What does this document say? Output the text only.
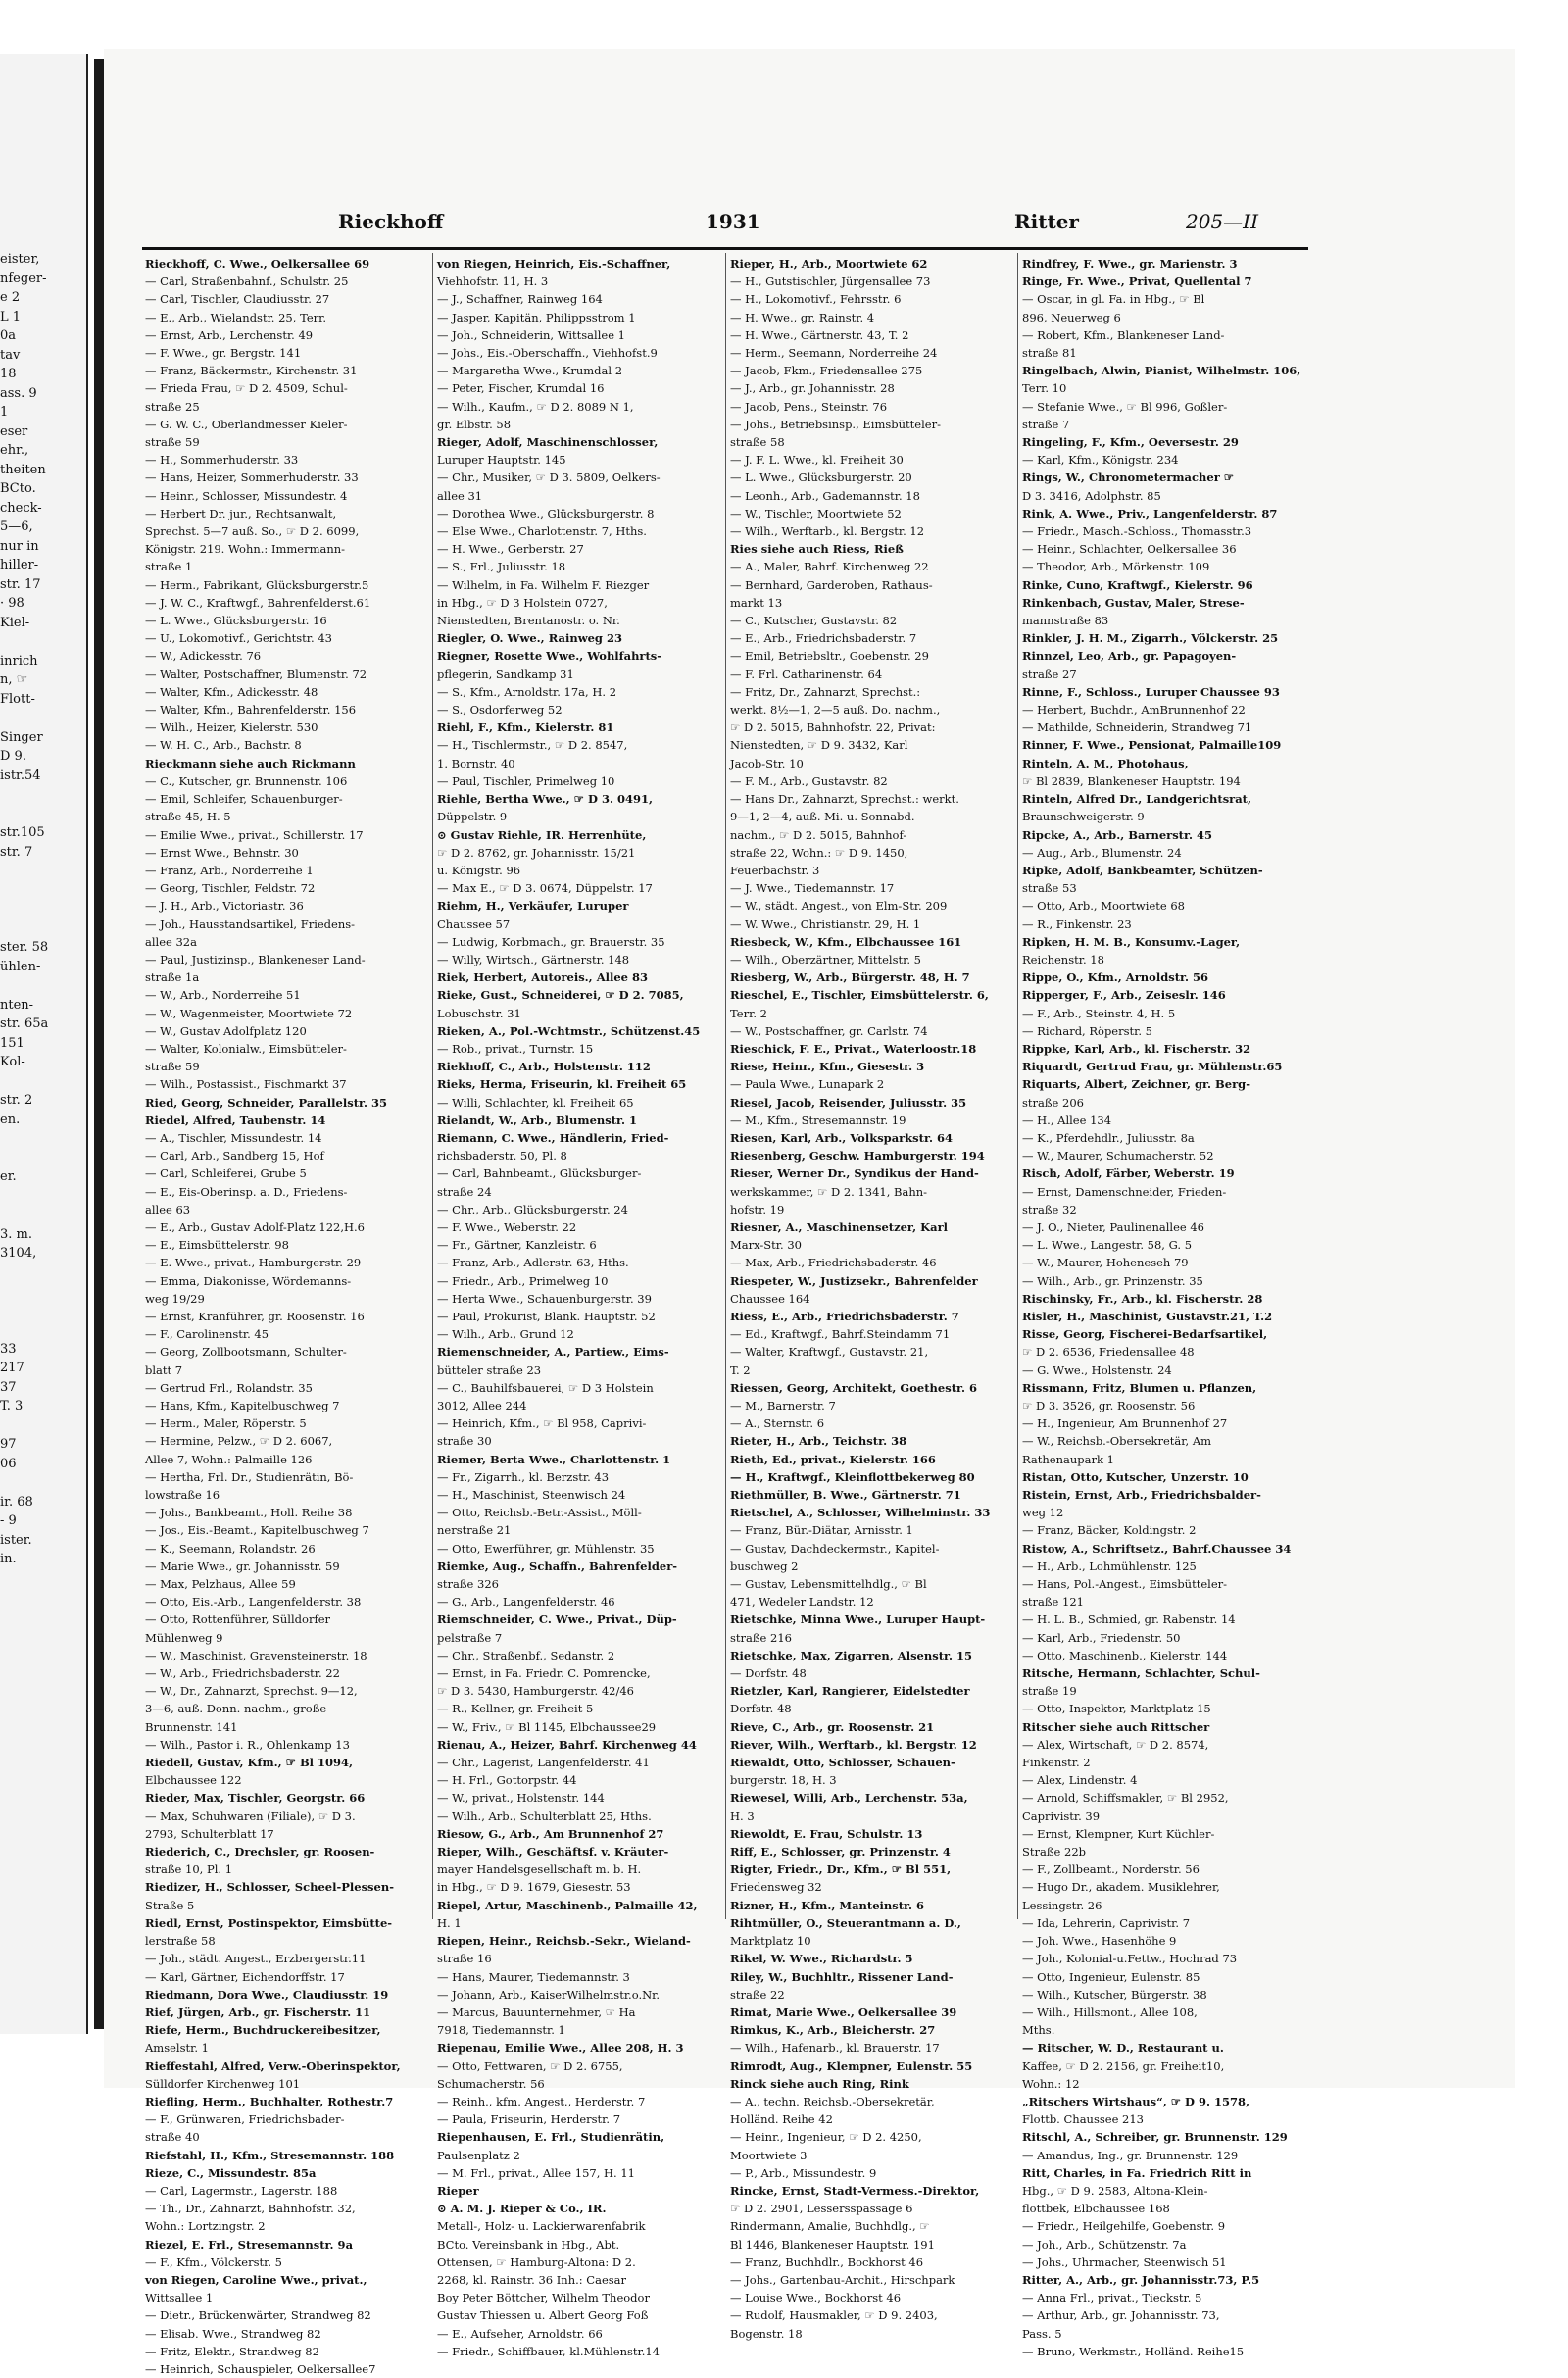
eister,
nfeger-
e 2
L 1
0a
tav
18
ass. 9
1
eser
ehr.,
theiten
BCto.
check-
5—6,
nur in
hiller-
str. 17
· 98
Kiel-
inrich
n, ☞
Flott-
Singer
D 9.
istr.54
str.105
str. 7
ster. 58
ühlen-
nten-
str. 65a
151
Kol-
str. 2
en.
er.
3. m.
3104,
33
217
37
T. 3
97
06
ir. 68
- 9
ister.
in.
Rieckhoff	1931	Ritter	205—II
Rieckhoff, C. Wwe., Oelkersallee 69
— Carl, Straßenbahnf., Schulstr. 25
— Carl, Tischler, Claudiusstr. 27
— E., Arb., Wielandstr. 25, Terr.
— Ernst, Arb., Lerchenstr. 49
— F. Wwe., gr. Bergstr. 141
— Franz, Bäckermstr., Kirchenstr. 31
— Frieda Frau, ☞ D 2. 4509, Schul-
straße 25
— G. W. C., Oberlandmesser Kieler-
straße 59
— H., Sommerhuderstr. 33
— Hans, Heizer, Sommerhuderstr. 33
— Heinr., Schlosser, Missundestr. 4
— Herbert Dr. jur., Rechtsanwalt,
Sprechst. 5—7 auß. So., ☞ D 2. 6099,
Königstr. 219. Wohn.: Immermann-
straße 1
— Herm., Fabrikant, Glücksburgerstr.5
— J. W. C., Kraftwgf., Bahrenfelderst.61
— L. Wwe., Glücksburgerstr. 16
— U., Lokomotivf., Gerichtstr. 43
— W., Adickesstr. 76
— Walter, Postschaffner, Blumenstr. 72
— Walter, Kfm., Adickesstr. 48
— Walter, Kfm., Bahrenfelderstr. 156
— Wilh., Heizer, Kielerstr. 530
— W. H. C., Arb., Bachstr. 8
Rieckmann siehe auch Rickmann
— C., Kutscher, gr. Brunnenstr. 106
— Emil, Schleifer, Schauenburger-
straße 45, H. 5
— Emilie Wwe., privat., Schillerstr. 17
— Ernst Wwe., Behnstr. 30
— Franz, Arb., Norderreihe 1
— Georg, Tischler, Feldstr. 72
— J. H., Arb., Victoriastr. 36
— Joh., Hausstandsartikel, Friedens-
allee 32a
— Paul, Justizinsp., Blankeneser Land-
straße 1a
— W., Arb., Norderreihe 51
— W., Wagenmeister, Moortwiete 72
— W., Gustav Adolfplatz 120
— Walter, Kolonialw., Eimsbütteler-
straße 59
— Wilh., Postassist., Fischmarkt 37
Ried, Georg, Schneider, Parallelstr. 35
Riedel, Alfred, Taubenstr. 14
— A., Tischler, Missundestr. 14
— Carl, Arb., Sandberg 15, Hof
— Carl, Schleiferei, Grube 5
— E., Eis-Oberinsp. a. D., Friedens-
allee 63
— E., Arb., Gustav Adolf-Platz 122,H.6
— E., Eimsbüttelerstr. 98
— E. Wwe., privat., Hamburgerstr. 29
— Emma, Diakonisse, Wördemanns-
weg 19/29
— Ernst, Kranführer, gr. Roosenstr. 16
— F., Carolinenstr. 45
— Georg, Zollbootsmann, Schulter-
blatt 7
— Gertrud Frl., Rolandstr. 35
— Hans, Kfm., Kapitelbuschweg 7
— Herm., Maler, Röperstr. 5
— Hermine, Pelzw., ☞ D 2. 6067,
Allee 7, Wohn.: Palmaille 126
— Hertha, Frl. Dr., Studienrätin, Bö-
lowstraße 16
— Johs., Bankbeamt., Holl. Reihe 38
— Jos., Eis.-Beamt., Kapitelbuschweg 7
— K., Seemann, Rolandstr. 26
— Marie Wwe., gr. Johannisstr. 59
— Max, Pelzhaus, Allee 59
— Otto, Eis.-Arb., Langenfelderstr. 38
— Otto, Rottenführer, Sülldorfer
Mühlenweg 9
— W., Maschinist, Gravensteinerstr. 18
— W., Arb., Friedrichsbaderstr. 22
— W., Dr., Zahnarzt, Sprechst. 9—12,
3—6, auß. Donn. nachm., große
Brunnenstr. 141
— Wilh., Pastor i. R., Ohlenkamp 13
Riedell, Gustav, Kfm., ☞ Bl 1094,
Elbchaussee 122
Rieder, Max, Tischler, Georgstr. 66
— Max, Schuhwaren (Filiale), ☞ D 3.
2793, Schulterblatt 17
Riederich, C., Drechsler, gr. Roosen-
straße 10, Pl. 1
Riedizer, H., Schlosser, Scheel-Plessen-
Straße 5
Riedl, Ernst, Postinspektor, Eimsbütte-
lerstraße 58
— Joh., städt. Angest., Erzbergerstr.11
— Karl, Gärtner, Eichendorffstr. 17
Riedmann, Dora Wwe., Claudiusstr. 19
Rief, Jürgen, Arb., gr. Fischerstr. 11
Riefe, Herm., Buchdruckereibesitzer,
Amselstr. 1
Rieffestahl, Alfred, Verw.-Oberinspektor,
Sülldorfer Kirchenweg 101
Riefling, Herm., Buchhalter, Rothestr.7
— F., Grünwaren, Friedrichsbader-
straße 40
Riefstahl, H., Kfm., Stresemannstr. 188
Rieze, C., Missundestr. 85a
— Carl, Lagermstr., Lagerstr. 188
— Th., Dr., Zahnarzt, Bahnhofstr. 32,
Wohn.: Lortzingstr. 2
Riezel, E. Frl., Stresemannstr. 9a
— F., Kfm., Völckerstr. 5
von Riegen, Caroline Wwe., privat.,
Wittsallee 1
— Dietr., Brückenwärter, Strandweg 82
— Elisab. Wwe., Strandweg 82
— Fritz, Elektr., Strandweg 82
— Heinrich, Schauspieler, Oelkersallee7
von Riegen, Heinrich, Eis.-Schaffner,
Viehhofstr. 11, H. 3
— J., Schaffner, Rainweg 164
— Jasper, Kapitän, Philippsstrom 1
— Joh., Schneiderin, Wittsallee 1
— Johs., Eis.-Oberschaffn., Viehhofst.9
— Margaretha Wwe., Krumdal 2
— Peter, Fischer, Krumdal 16
— Wilh., Kaufm., ☞ D 2. 8089 N 1,
gr. Elbstr. 58
Rieger, Adolf, Maschinenschlosser,
Luruper Hauptstr. 145
— Chr., Musiker, ☞ D 3. 5809, Oelkers-
allee 31
— Dorothea Wwe., Glücksburgerstr. 8
— Else Wwe., Charlottenstr. 7, Hths.
— H. Wwe., Gerberstr. 27
— S., Frl., Juliusstr. 18
— Wilhelm, in Fa. Wilhelm F. Riezger
in Hbg., ☞ D 3 Holstein 0727,
Nienstedten, Brentanostr. o. Nr.
Riegler, O. Wwe., Rainweg 23
Riegner, Rosette Wwe., Wohlfahrts-
pflegerin, Sandkamp 31
— S., Kfm., Arnoldstr. 17a, H. 2
— S., Osdorferweg 52
Riehl, F., Kfm., Kielerstr. 81
— H., Tischlermstr., ☞ D 2. 8547,
1. Bornstr. 40
— Paul, Tischler, Primelweg 10
Riehle, Bertha Wwe., ☞ D 3. 0491,
Düppelstr. 9
⊙ Gustav Riehle, IR. Herrenhüte,
☞ D 2. 8762, gr. Johannisstr. 15/21
u. Königstr. 96
— Max E., ☞ D 3. 0674, Düppelstr. 17
Riehm, H., Verkäufer, Luruper
Chaussee 57
— Ludwig, Korbmach., gr. Brauerstr. 35
— Willy, Wirtsch., Gärtnerstr. 148
Riek, Herbert, Autoreis., Allee 83
Rieke, Gust., Schneiderei, ☞ D 2. 7085,
Lobuschstr. 31
Rieken, A., Pol.-Wchtmstr., Schützenst.45
— Rob., privat., Turnstr. 15
Riekhoff, C., Arb., Holstenstr. 112
Rieks, Herma, Friseurin, kl. Freiheit 65
— Willi, Schlachter, kl. Freiheit 65
Rielandt, W., Arb., Blumenstr. 1
Riemann, C. Wwe., Händlerin, Fried-
richsbaderstr. 50, Pl. 8
— Carl, Bahnbeamt., Glücksburger-
straße 24
— Chr., Arb., Glücksburgerstr. 24
— F. Wwe., Weberstr. 22
— Fr., Gärtner, Kanzleistr. 6
— Franz, Arb., Adlerstr. 63, Hths.
— Friedr., Arb., Primelweg 10
— Herta Wwe., Schauenburgerstr. 39
— Paul, Prokurist, Blank. Hauptstr. 52
— Wilh., Arb., Grund 12
Riemenschneider, A., Partiew., Eims-
bütteler straße 23
— C., Bauhilfsbauerei, ☞ D 3 Holstein
3012, Allee 244
— Heinrich, Kfm., ☞ Bl 958, Caprivi-
straße 30
Riemer, Berta Wwe., Charlottenstr. 1
— Fr., Zigarrh., kl. Berzstr. 43
— H., Maschinist, Steenwisch 24
— Otto, Reichsb.-Betr.-Assist., Möll-
nerstraße 21
— Otto, Ewerführer, gr. Mühlenstr. 35
Riemke, Aug., Schaffn., Bahrenfelder-
straße 326
— G., Arb., Langenfelderstr. 46
Riemschneider, C. Wwe., Privat., Düp-
pelstraße 7
— Chr., Straßenbf., Sedanstr. 2
— Ernst, in Fa. Friedr. C. Pomrencke,
☞ D 3. 5430, Hamburgerstr. 42/46
— R., Kellner, gr. Freiheit 5
— W., Friv., ☞ Bl 1145, Elbchaussee29
Rienau, A., Heizer, Bahrf. Kirchenweg 44
— Chr., Lagerist, Langenfelderstr. 41
— H. Frl., Gottorpstr. 44
— W., privat., Holstenstr. 144
— Wilh., Arb., Schulterblatt 25, Hths.
Riesow, G., Arb., Am Brunnenhof 27
Rieper, Wilh., Geschäftsf. v. Kräuter-
mayer Handelsgesellschaft m. b. H.
in Hbg., ☞ D 9. 1679, Giesestr. 53
Riepel, Artur, Maschinenb., Palmaille 42,
H. 1
Riepen, Heinr., Reichsb.-Sekr., Wieland-
straße 16
— Hans, Maurer, Tiedemannstr. 3
— Johann, Arb., KaiserWilhelmstr.o.Nr.
— Marcus, Bauunternehmer, ☞ Ha
7918, Tiedemannstr. 1
Riepenau, Emilie Wwe., Allee 208, H. 3
— Otto, Fettwaren, ☞ D 2. 6755,
Schumacherstr. 56
— Reinh., kfm. Angest., Herderstr. 7
— Paula, Friseurin, Herderstr. 7
Riepenhausen, E. Frl., Studienrätin,
Paulsenplatz 2
— M. Frl., privat., Allee 157, H. 11
Rieper
⊙ A. M. J. Rieper & Co., IR.
Metall-, Holz- u. Lackierwarenfabrik
BCto. Vereinsbank in Hbg., Abt.
Ottensen, ☞ Hamburg-Altona: D 2.
2268, kl. Rainstr. 36 Inh.: Caesar
Boy Peter Böttcher, Wilhelm Theodor
Gustav Thiessen u. Albert Georg Foß
— E., Aufseher, Arnoldstr. 66
— Friedr., Schiffbauer, kl.Mühlenstr.14
Rieper, H., Arb., Moortwiete 62
— H., Gutstischler, Jürgensallee 73
— H., Lokomotivf., Fehrsstr. 6
— H. Wwe., gr. Rainstr. 4
— H. Wwe., Gärtnerstr. 43, T. 2
— Herm., Seemann, Norderreihe 24
— Jacob, Fkm., Friedensallee 275
— J., Arb., gr. Johannisstr. 28
— Jacob, Pens., Steinstr. 76
— Johs., Betriebsinsp., Eimsbütteler-
straße 58
— J. F. L. Wwe., kl. Freiheit 30
— L. Wwe., Glücksburgerstr. 20
— Leonh., Arb., Gademannstr. 18
— W., Tischler, Moortwiete 52
— Wilh., Werftarb., kl. Bergstr. 12
Ries siehe auch Riess, Rieß
— A., Maler, Bahrf. Kirchenweg 22
— Bernhard, Garderoben, Rathaus-
markt 13
— C., Kutscher, Gustavstr. 82
— E., Arb., Friedrichsbaderstr. 7
— Emil, Betriebsltr., Goebenstr. 29
— F. Frl. Catharinenstr. 64
— Fritz, Dr., Zahnarzt, Sprechst.:
werkt. 8½—1, 2—5 auß. Do. nachm.,
☞ D 2. 5015, Bahnhofstr. 22, Privat:
Nienstedten, ☞ D 9. 3432, Karl
Jacob-Str. 10
— F. M., Arb., Gustavstr. 82
— Hans Dr., Zahnarzt, Sprechst.: werkt.
9—1, 2—4, auß. Mi. u. Sonnabd.
nachm., ☞ D 2. 5015, Bahnhof-
straße 22, Wohn.: ☞ D 9. 1450,
Feuerbachstr. 3
— J. Wwe., Tiedemannstr. 17
— W., städt. Angest., von Elm-Str. 209
— W. Wwe., Christianstr. 29, H. 1
Riesbeck, W., Kfm., Elbchaussee 161
— Wilh., Oberzärtner, Mittelstr. 5
Riesberg, W., Arb., Bürgerstr. 48, H. 7
Rieschel, E., Tischler, Eimsbüttelerstr. 6,
Terr. 2
— W., Postschaffner, gr. Carlstr. 74
Rieschick, F. E., Privat., Waterloostr.18
Riese, Heinr., Kfm., Giesestr. 3
— Paula Wwe., Lunapark 2
Riesel, Jacob, Reisender, Juliusstr. 35
— M., Kfm., Stresemannstr. 19
Riesen, Karl, Arb., Volksparkstr. 64
Riesenberg, Geschw. Hamburgerstr. 194
Rieser, Werner Dr., Syndikus der Hand-
werkskammer, ☞ D 2. 1341, Bahn-
hofstr. 19
Riesner, A., Maschinensetzer, Karl
Marx-Str. 30
— Max, Arb., Friedrichsbaderstr. 46
Riespeter, W., Justizsekr., Bahrenfelder
Chaussee 164
Riess, E., Arb., Friedrichsbaderstr. 7
— Ed., Kraftwgf., Bahrf.Steindamm 71
— Walter, Kraftwgf., Gustavstr. 21,
T. 2
Riessen, Georg, Architekt, Goethestr. 6
— M., Barnerstr. 7
— A., Sternstr. 6
Rieter, H., Arb., Teichstr. 38
Rieth, Ed., privat., Kielerstr. 166
— H., Kraftwgf., Kleinflottbekerweg 80
Riethmüller, B. Wwe., Gärtnerstr. 71
Rietschel, A., Schlosser, Wilhelminstr. 33
— Franz, Bür.-Diätar, Arnisstr. 1
— Gustav, Dachdeckermstr., Kapitel-
buschweg 2
— Gustav, Lebensmittelhdlg., ☞ Bl
471, Wedeler Landstr. 12
Rietschke, Minna Wwe., Luruper Haupt-
straße 216
Rietschke, Max, Zigarren, Alsenstr. 15
— Dorfstr. 48
Rietzler, Karl, Rangierer, Eidelstedter
Dorfstr. 48
Rieve, C., Arb., gr. Roosenstr. 21
Riever, Wilh., Werftarb., kl. Bergstr. 12
Riewaldt, Otto, Schlosser, Schauen-
burgerstr. 18, H. 3
Riewesel, Willi, Arb., Lerchenstr. 53a,
H. 3
Riewoldt, E. Frau, Schulstr. 13
Riff, E., Schlosser, gr. Prinzenstr. 4
Rigter, Friedr., Dr., Kfm., ☞ Bl 551,
Friedensweg 32
Rizner, H., Kfm., Manteinstr. 6
Rihtmüller, O., Steuerantmann a. D.,
Marktplatz 10
Rikel, W. Wwe., Richardstr. 5
Riley, W., Buchhltr., Rissener Land-
straße 22
Rimat, Marie Wwe., Oelkersallee 39
Rimkus, K., Arb., Bleicherstr. 27
— Wilh., Hafenarb., kl. Brauerstr. 17
Rimrodt, Aug., Klempner, Eulenstr. 55
Rinck siehe auch Ring, Rink
— A., techn. Reichsb.-Obersekretär,
Holländ. Reihe 42
— Heinr., Ingenieur, ☞ D 2. 4250,
Moortwiete 3
— P., Arb., Missundestr. 9
Rincke, Ernst, Stadt-Vermess.-Direktor,
☞ D 2. 2901, Lessersspassage 6
Rindermann, Amalie, Buchhdlg., ☞
Bl 1446, Blankeneser Hauptstr. 191
— Franz, Buchhdlr., Bockhorst 46
— Johs., Gartenbau-Archit., Hirschpark
— Louise Wwe., Bockhorst 46
— Rudolf, Hausmakler, ☞ D 9. 2403,
Bogenstr. 18
Rindfrey, F. Wwe., gr. Marienstr. 3
Ringe, Fr. Wwe., Privat, Quellental 7
— Oscar, in gl. Fa. in Hbg., ☞ Bl
896, Neuerweg 6
— Robert, Kfm., Blankeneser Land-
straße 81
Ringelbach, Alwin, Pianist, Wilhelmstr. 106,
Terr. 10
— Stefanie Wwe., ☞ Bl 996, Goßler-
straße 7
Ringeling, F., Kfm., Oeversestr. 29
— Karl, Kfm., Königstr. 234
Rings, W., Chronometermacher ☞
D 3. 3416, Adolphstr. 85
Rink, A. Wwe., Priv., Langenfelderstr. 87
— Friedr., Masch.-Schloss., Thomasstr.3
— Heinr., Schlachter, Oelkersallee 36
— Theodor, Arb., Mörkenstr. 109
Rinke, Cuno, Kraftwgf., Kielerstr. 96
Rinkenbach, Gustav, Maler, Strese-
mannstraße 83
Rinkler, J. H. M., Zigarrh., Völckerstr. 25
Rinnzel, Leo, Arb., gr. Papagoyen-
straße 27
Rinne, F., Schloss., Luruper Chaussee 93
— Herbert, Buchdr., AmBrunnenhof 22
— Mathilde, Schneiderin, Strandweg 71
Rinner, F. Wwe., Pensionat, Palmaille109
Rinteln, A. M., Photohaus,
☞ Bl 2839, Blankeneser Hauptstr. 194
Rinteln, Alfred Dr., Landgerichtsrat,
Braunschweigerstr. 9
Ripcke, A., Arb., Barnerstr. 45
— Aug., Arb., Blumenstr. 24
Ripke, Adolf, Bankbeamter, Schützen-
straße 53
— Otto, Arb., Moortwiete 68
— R., Finkenstr. 23
Ripken, H. M. B., Konsumv.-Lager,
Reichenstr. 18
Rippe, O., Kfm., Arnoldstr. 56
Ripperger, F., Arb., Zeiseslr. 146
— F., Arb., Steinstr. 4, H. 5
— Richard, Röperstr. 5
Rippke, Karl, Arb., kl. Fischerstr. 32
Riquardt, Gertrud Frau, gr. Mühlenstr.65
Riquarts, Albert, Zeichner, gr. Berg-
straße 206
— H., Allee 134
— K., Pferdehdlr., Juliusstr. 8a
— W., Maurer, Schumacherstr. 52
Risch, Adolf, Färber, Weberstr. 19
— Ernst, Damenschneider, Frieden-
straße 32
— J. O., Nieter, Paulinenallee 46
— L. Wwe., Langestr. 58, G. 5
— W., Maurer, Hoheneseh 79
— Wilh., Arb., gr. Prinzenstr. 35
Rischinsky, Fr., Arb., kl. Fischerstr. 28
Risler, H., Maschinist, Gustavstr.21, T.2
Risse, Georg, Fischerei-Bedarfsartikel,
☞ D 2. 6536, Friedensallee 48
— G. Wwe., Holstenstr. 24
Rissmann, Fritz, Blumen u. Pflanzen,
☞ D 3. 3526, gr. Roosenstr. 56
— H., Ingenieur, Am Brunnenhof 27
— W., Reichsb.-Obersekretär, Am
Rathenaupark 1
Ristan, Otto, Kutscher, Unzerstr. 10
Ristein, Ernst, Arb., Friedrichsbalder-
weg 12
— Franz, Bäcker, Koldingstr. 2
Ristow, A., Schriftsetz., Bahrf.Chaussee 34
— H., Arb., Lohmühlenstr. 125
— Hans, Pol.-Angest., Eimsbütteler-
straße 121
— H. L. B., Schmied, gr. Rabenstr. 14
— Karl, Arb., Friedenstr. 50
— Otto, Maschinenb., Kielerstr. 144
Ritsche, Hermann, Schlachter, Schul-
straße 19
— Otto, Inspektor, Marktplatz 15
Ritscher siehe auch Rittscher
— Alex, Wirtschaft, ☞ D 2. 8574,
Finkenstr. 2
— Alex, Lindenstr. 4
— Arnold, Schiffsmakler, ☞ Bl 2952,
Caprivistr. 39
— Ernst, Klempner, Kurt Küchler-
Straße 22b
— F., Zollbeamt., Norderstr. 56
— Hugo Dr., akadem. Musiklehrer,
Lessingstr. 26
— Ida, Lehrerin, Caprivistr. 7
— Joh. Wwe., Hasenhöhe 9
— Joh., Kolonial-u.Fettw., Hochrad 73
— Otto, Ingenieur, Eulenstr. 85
— Wilh., Kutscher, Bürgerstr. 38
— Wilh., Hillsmont., Allee 108,
Mths.
— Ritscher, W. D., Restaurant u.
Kaffee, ☞ D 2. 2156, gr. Freiheit10,
Wohn.: 12
„Ritschers Wirtshaus“, ☞ D 9. 1578,
Flottb. Chaussee 213
Ritschl, A., Schreiber, gr. Brunnenstr. 129
— Amandus, Ing., gr. Brunnenstr. 129
Ritt, Charles, in Fa. Friedrich Ritt in
Hbg., ☞ D 9. 2583, Altona-Klein-
flottbek, Elbchaussee 168
— Friedr., Heilgehilfe, Goebenstr. 9
— Joh., Arb., Schützenstr. 7a
— Johs., Uhrmacher, Steenwisch 51
Ritter, A., Arb., gr. Johannisstr.73, P.5
— Anna Frl., privat., Tieckstr. 5
— Arthur, Arb., gr. Johannisstr. 73,
Pass. 5
— Bruno, Werkmstr., Holländ. Reihe15
